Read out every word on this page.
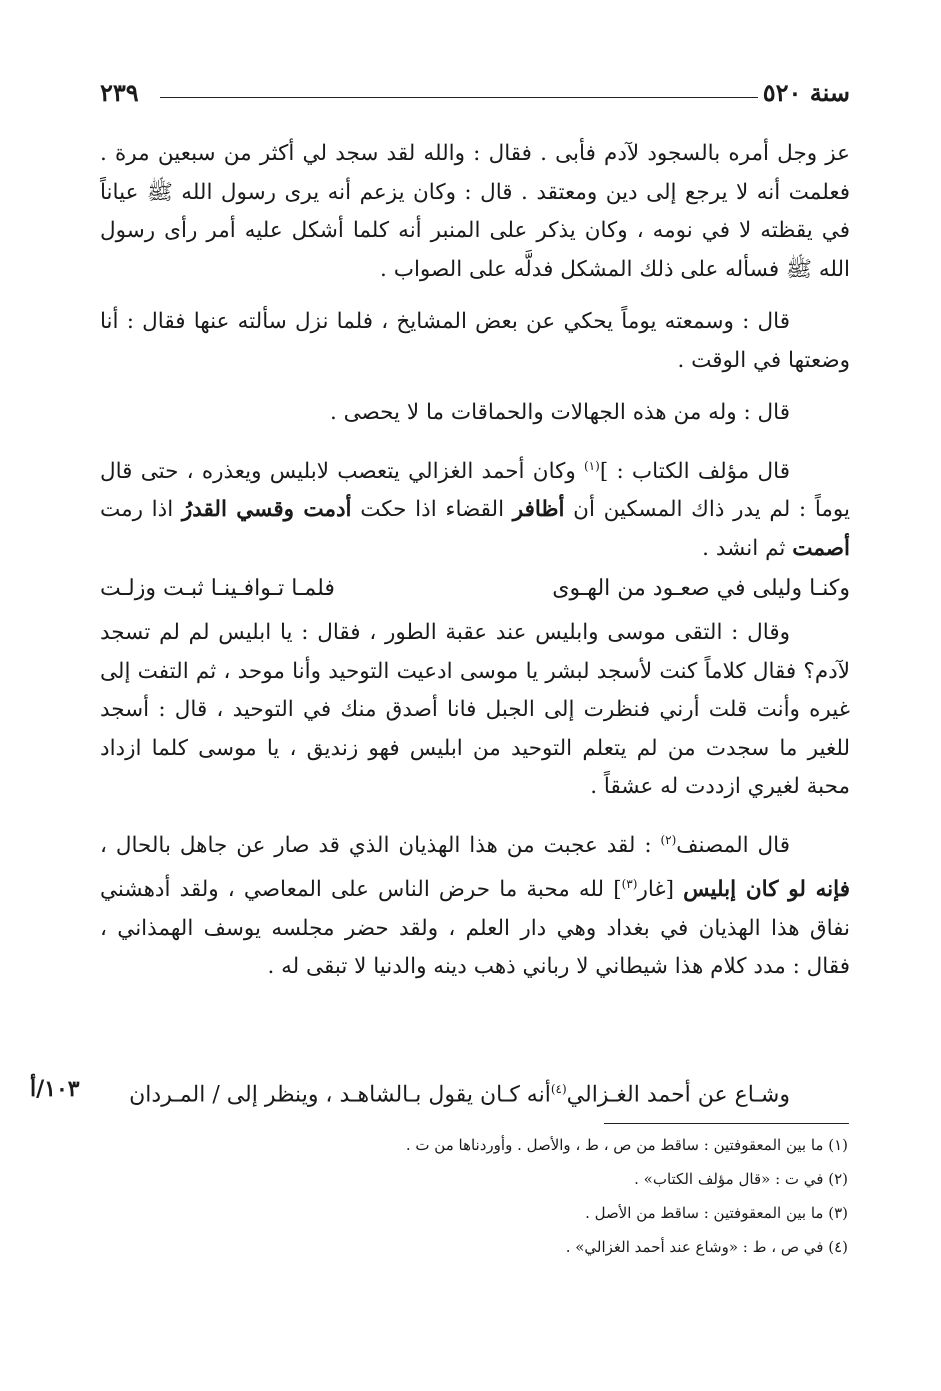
سنة ٥٢٠
٢٣٩

عز وجل أمره بالسجود لآدم فأبى . فقال : والله لقد سجد لي أكثر من سبعين مرة . فعلمت أنه لا يرجع إلى دين ومعتقد . قال : وكان يزعم أنه يرى رسول الله ﷺ عياناً في يقظته لا في نومه ، وكان يذكر على المنبر أنه كلما أشكل عليه أمر رأى رسول الله ﷺ فسأله على ذلك المشكل فدلَّه على الصواب .

قال : وسمعته يوماً يحكي عن بعض المشايخ ، فلما نزل سألته عنها فقال : أنا وضعتها في الوقت .

قال : وله من هذه الجهالات والحماقات ما لا يحصى .

قال مؤلف الكتاب : ]$^{(١)}$ وكان أحمد الغزالي يتعصب لابليس ويعذره ، حتى قال يوماً : لم يدر ذاك المسكين أن أظافر القضاء اذا حكت أدمت وقسي القدرُ اذا رمت أصمت ثم انشد .

وكنـا وليلى في صعـود من الهـوى
فلمـا تـوافـينـا ثبـت وزلـت

وقال : التقى موسى وابليس عند عقبة الطور ، فقال : يا ابليس لم لم تسجد لآدم؟ فقال كلاماً كنت لأسجد لبشر يا موسى ادعيت التوحيد وأنا موحد ، ثم التفت إلى غيره وأنت قلت أرني فنظرت إلى الجبل فانا أصدق منك في التوحيد ، قال : أسجد للغير ما سجدت من لم يتعلم التوحيد من ابليس فهو زنديق ، يا موسى كلما ازداد محبة لغيري ازددت له عشقاً .

قال المصنف$^{(٢)}$ : لقد عجبت من هذا الهذيان الذي قد صار عن جاهل بالحال ، فإنه لو كان إبليس [غار$^{(٣)}$] لله محبة ما حرض الناس على المعاصي ، ولقد أدهشني نفاق هذا الهذيان في بغداد وهي دار العلم ، ولقد حضر مجلسه يوسف الهمذاني ، فقال : مدد كلام هذا شيطاني لا رباني ذهب دينه والدنيا لا تبقى له .

وشـاع عن أحمد الغـزالي$^{(٤)}$أنه كـان يقول بـالشاهـد ، وينظر إلى / المـردان
١٠٣/أ
(١) ما بين المعقوفتين : ساقط من ص ، ط ، والأصل . وأوردناها من ت .
(٢) في ت : «قال مؤلف الكتاب» .
(٣) ما بين المعقوفتين : ساقط من الأصل .
(٤) في ص ، ط : «وشاع عند أحمد الغزالي» .
